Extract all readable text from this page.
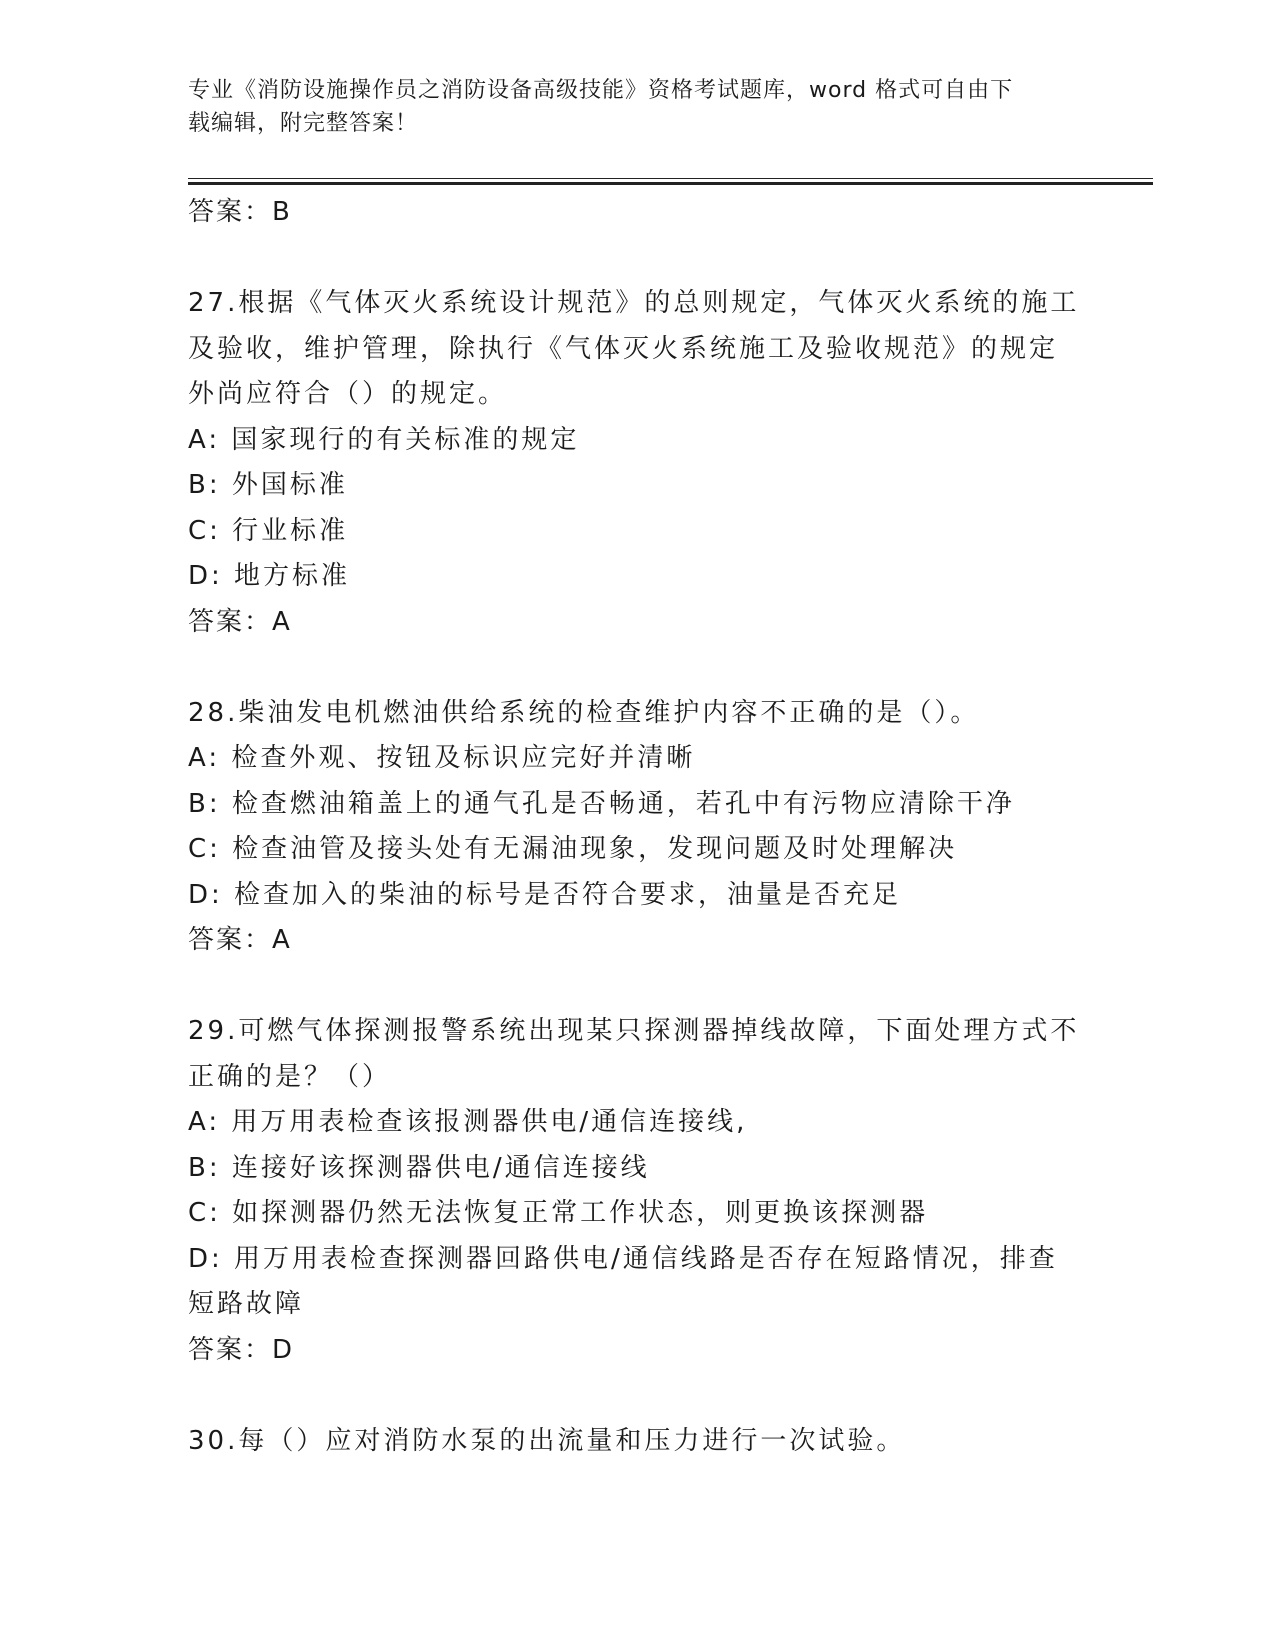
专业《消防设施操作员之消防设备高级技能》资格考试题库，word 格式可自由下
载编辑，附完整答案！
答案：B
27.根据《气体灭火系统设计规范》的总则规定，气体灭火系统的施工
及验收，维护管理，除执行《气体灭火系统施工及验收规范》的规定
外尚应符合（）的规定。
A: 国家现行的有关标准的规定
B: 外国标准
C: 行业标准
D: 地方标准
答案：A
28.柴油发电机燃油供给系统的检查维护内容不正确的是（）。
A: 检查外观、按钮及标识应完好并清晰
B: 检查燃油箱盖上的通气孔是否畅通，若孔中有污物应清除干净
C: 检查油管及接头处有无漏油现象，发现问题及时处理解决
D: 检查加入的柴油的标号是否符合要求，油量是否充足
答案：A
29.可燃气体探测报警系统出现某只探测器掉线故障，下面处理方式不
正确的是？（）
A: 用万用表检查该报测器供电/通信连接线,
B: 连接好该探测器供电/通信连接线
C: 如探测器仍然无法恢复正常工作状态，则更换该探测器
D: 用万用表检查探测器回路供电/通信线路是否存在短路情况，排查
短路故障
答案：D
30.每（）应对消防水泵的出流量和压力进行一次试验。
